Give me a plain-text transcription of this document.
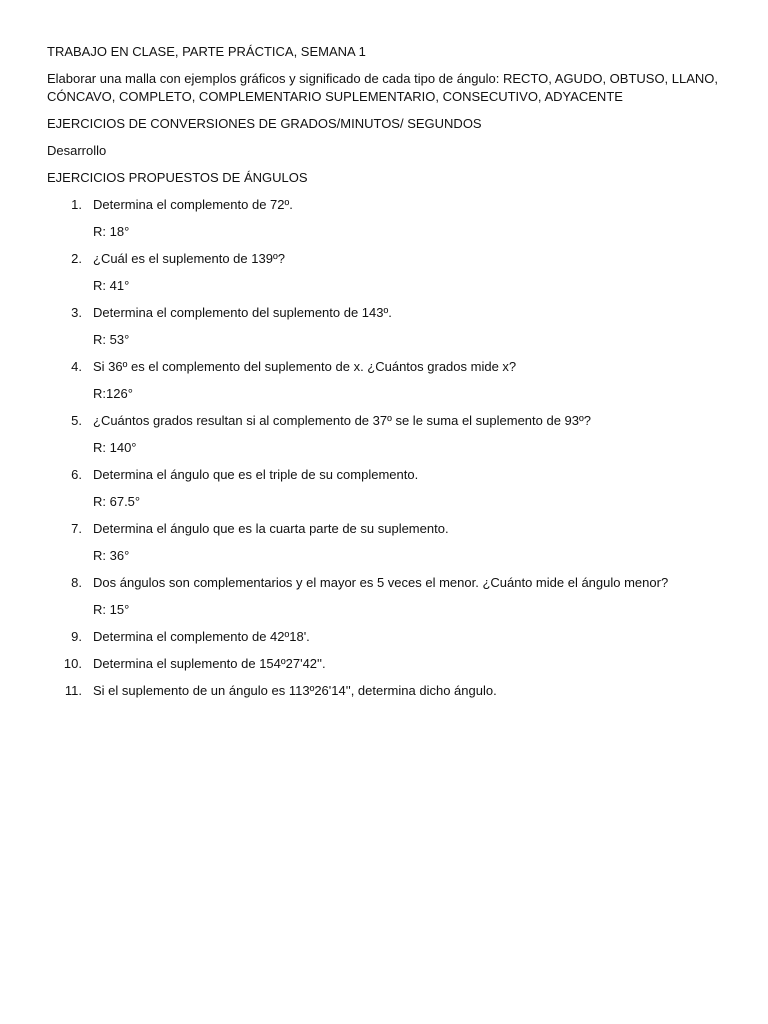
TRABAJO EN CLASE, PARTE PRÁCTICA, SEMANA 1

Elaborar una malla con ejemplos gráficos y significado de cada tipo de ángulo: RECTO, AGUDO, OBTUSO, LLANO, CÓNCAVO, COMPLETO, COMPLEMENTARIO SUPLEMENTARIO, CONSECUTIVO, ADYACENTE

EJERCICIOS DE CONVERSIONES DE GRADOS/MINUTOS/ SEGUNDOS

Desarrollo

EJERCICIOS PROPUESTOS DE ÁNGULOS

1. Determina el complemento de 72º.
R: 18°
2. ¿Cuál es el suplemento de 139º?
R: 41°
3. Determina el complemento del suplemento de 143º.
R: 53°
4. Si 36º es el complemento del suplemento de x. ¿Cuántos grados mide x?
R:126°
5. ¿Cuántos grados resultan si al complemento de 37º se le suma el suplemento de 93º?
R: 140°
6. Determina el ángulo que es el triple de su complemento.
R: 67.5°
7. Determina el ángulo que es la cuarta parte de su suplemento.
R: 36°
8. Dos ángulos son complementarios y el mayor es 5 veces el menor. ¿Cuánto mide el ángulo menor?
R: 15°
9. Determina el complemento de 42º18'.
10. Determina el suplemento de 154º27'42''.
11. Si el suplemento de un ángulo es 113º26'14'', determina dicho ángulo.
